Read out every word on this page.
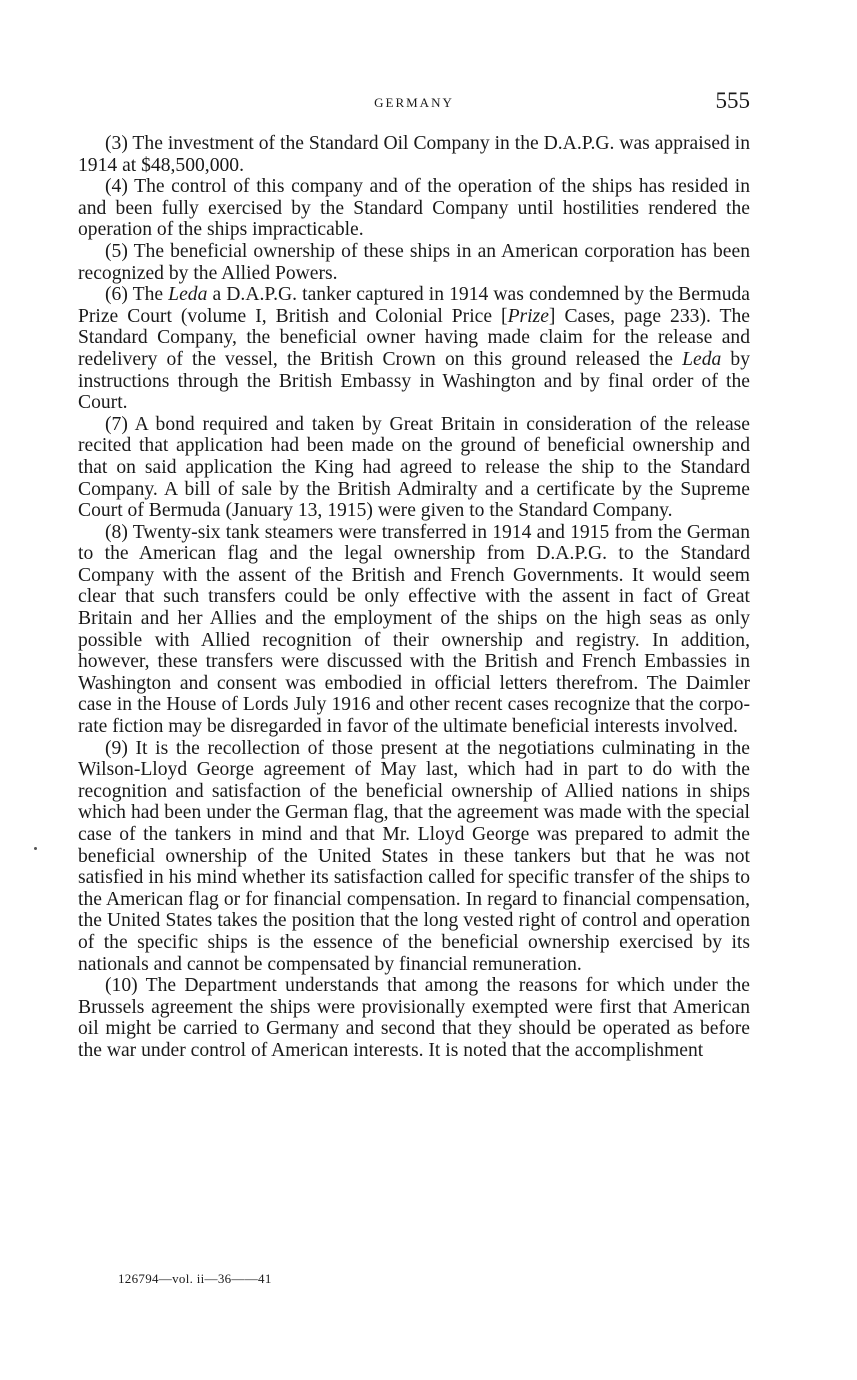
GERMANY	555

(3) The investment of the Standard Oil Company in the D.A.P.G. was appraised in 1914 at $48,500,000.

(4) The control of this company and of the operation of the ships has resided in and been fully exercised by the Standard Company until hostilities rendered the operation of the ships impracticable.

(5) The beneficial ownership of these ships in an American corporation has been recognized by the Allied Powers.

(6) The Leda a D.A.P.G. tanker captured in 1914 was condemned by the Bermuda Prize Court (volume I, British and Colonial Price [Prize] Cases, page 233). The Standard Company, the beneficial owner having made claim for the release and redelivery of the vessel, the British Crown on this ground released the Leda by instructions through the British Embassy in Washington and by final order of the Court.

(7) A bond required and taken by Great Britain in consideration of the release recited that application had been made on the ground of beneficial ownership and that on said application the King had agreed to release the ship to the Standard Company. A bill of sale by the British Admiralty and a certificate by the Supreme Court of Bermuda (January 13, 1915) were given to the Standard Company.

(8) Twenty-six tank steamers were transferred in 1914 and 1915 from the German to the American flag and the legal ownership from D.A.P.G. to the Standard Company with the assent of the British and French Governments. It would seem clear that such transfers could be only effective with the assent in fact of Great Britain and her Allies and the employment of the ships on the high seas as only possible with Allied recognition of their ownership and registry. In addition, however, these transfers were discussed with the British and French Embassies in Washington and consent was embodied in official letters therefrom. The Daimler case in the House of Lords July 1916 and other recent cases recognize that the corporate fiction may be disregarded in favor of the ultimate beneficial interests involved.

(9) It is the recollection of those present at the negotiations culminating in the Wilson-Lloyd George agreement of May last, which had in part to do with the recognition and satisfaction of the beneficial ownership of Allied nations in ships which had been under the German flag, that the agreement was made with the special case of the tankers in mind and that Mr. Lloyd George was prepared to admit the beneficial ownership of the United States in these tankers but that he was not satisfied in his mind whether its satisfaction called for specific transfer of the ships to the American flag or for financial compensation. In regard to financial compensation, the United States takes the position that the long vested right of control and operation of the specific ships is the essence of the beneficial ownership exercised by its nationals and cannot be compensated by financial remuneration.

(10) The Department understands that among the reasons for which under the Brussels agreement the ships were provisionally exempted were first that American oil might be carried to Germany and second that they should be operated as before the war under control of American interests. It is noted that the accomplishment

126794—vol. ii—36——41
